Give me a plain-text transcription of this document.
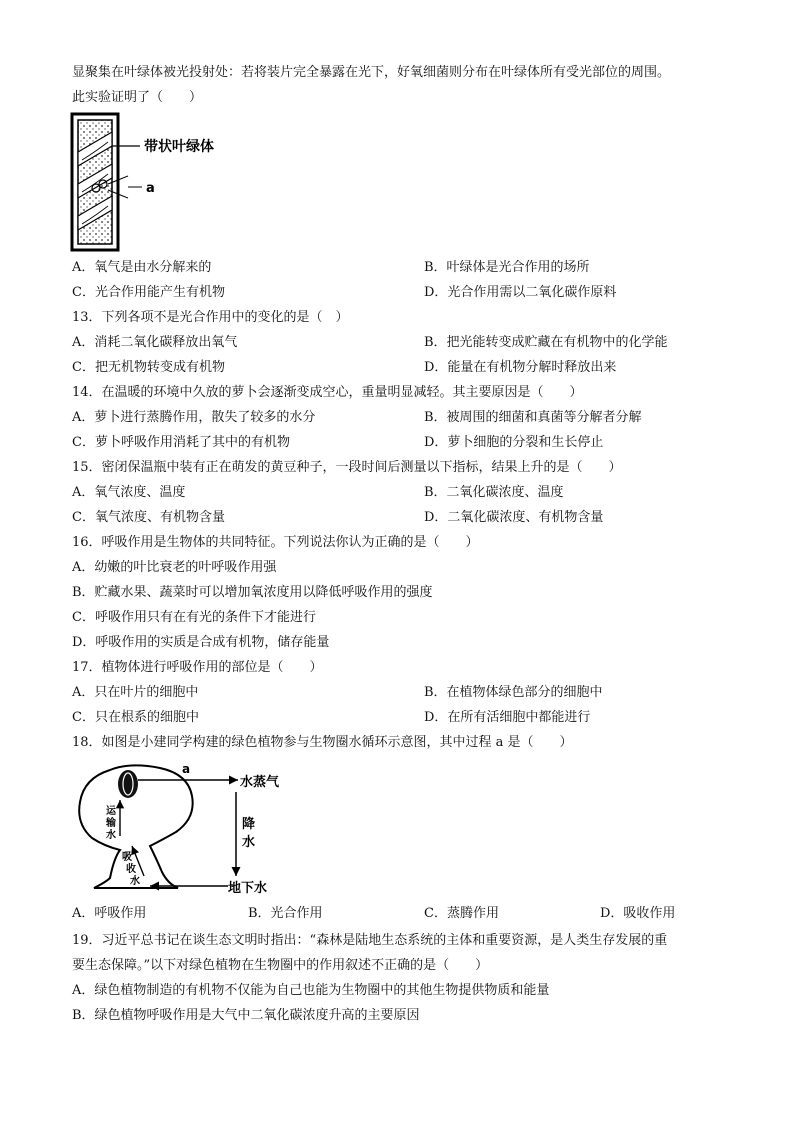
显聚集在叶绿体被光投射处：若将装片完全暴露在光下，好氧细菌则分布在叶绿体所有受光部位的周围。
此实验证明了（　　）
带状叶绿体
a
A．氧气是由水分解来的	B．叶绿体是光合作用的场所
C．光合作用能产生有机物	D．光合作用需以二氧化碳作原料
13．下列各项不是光合作用中的变化的是（　）
A．消耗二氧化碳释放出氧气	B．把光能转变成贮藏在有机物中的化学能
C．把无机物转变成有机物	D．能量在有机物分解时释放出来
14．在温暖的环境中久放的萝卜会逐渐变成空心，重量明显减轻。其主要原因是（　　）
A．萝卜进行蒸腾作用，散失了较多的水分	B．被周围的细菌和真菌等分解者分解
C．萝卜呼吸作用消耗了其中的有机物	D．萝卜细胞的分裂和生长停止
15．密闭保温瓶中装有正在萌发的黄豆种子，一段时间后测量以下指标，结果上升的是（　　）
A．氧气浓度、温度	B．二氧化碳浓度、温度
C．氧气浓度、有机物含量	D．二氧化碳浓度、有机物含量
16．呼吸作用是生物体的共同特征。下列说法你认为正确的是（　　）
A．幼嫩的叶比衰老的叶呼吸作用强
B．贮藏水果、蔬菜时可以增加氧浓度用以降低呼吸作用的强度
C．呼吸作用只有在有光的条件下才能进行
D．呼吸作用的实质是合成有机物，储存能量
17．植物体进行呼吸作用的部位是（　　）
A．只在叶片的细胞中	B．在植物体绿色部分的细胞中
C．只在根系的细胞中	D．在所有活细胞中都能进行
18．如图是小建同学构建的绿色植物参与生物圈水循环示意图，其中过程 a 是（　　）
a
水蒸气
降
水
地下水
运
输
水
吸
收
水
A．呼吸作用	B．光合作用	C．蒸腾作用	D．吸收作用
19．习近平总书记在谈生态文明时指出：“森林是陆地生态系统的主体和重要资源，是人类生存发展的重
要生态保障。”以下对绿色植物在生物圈中的作用叙述不正确的是（　　）
A．绿色植物制造的有机物不仅能为自己也能为生物圈中的其他生物提供物质和能量
B．绿色植物呼吸作用是大气中二氧化碳浓度升高的主要原因
